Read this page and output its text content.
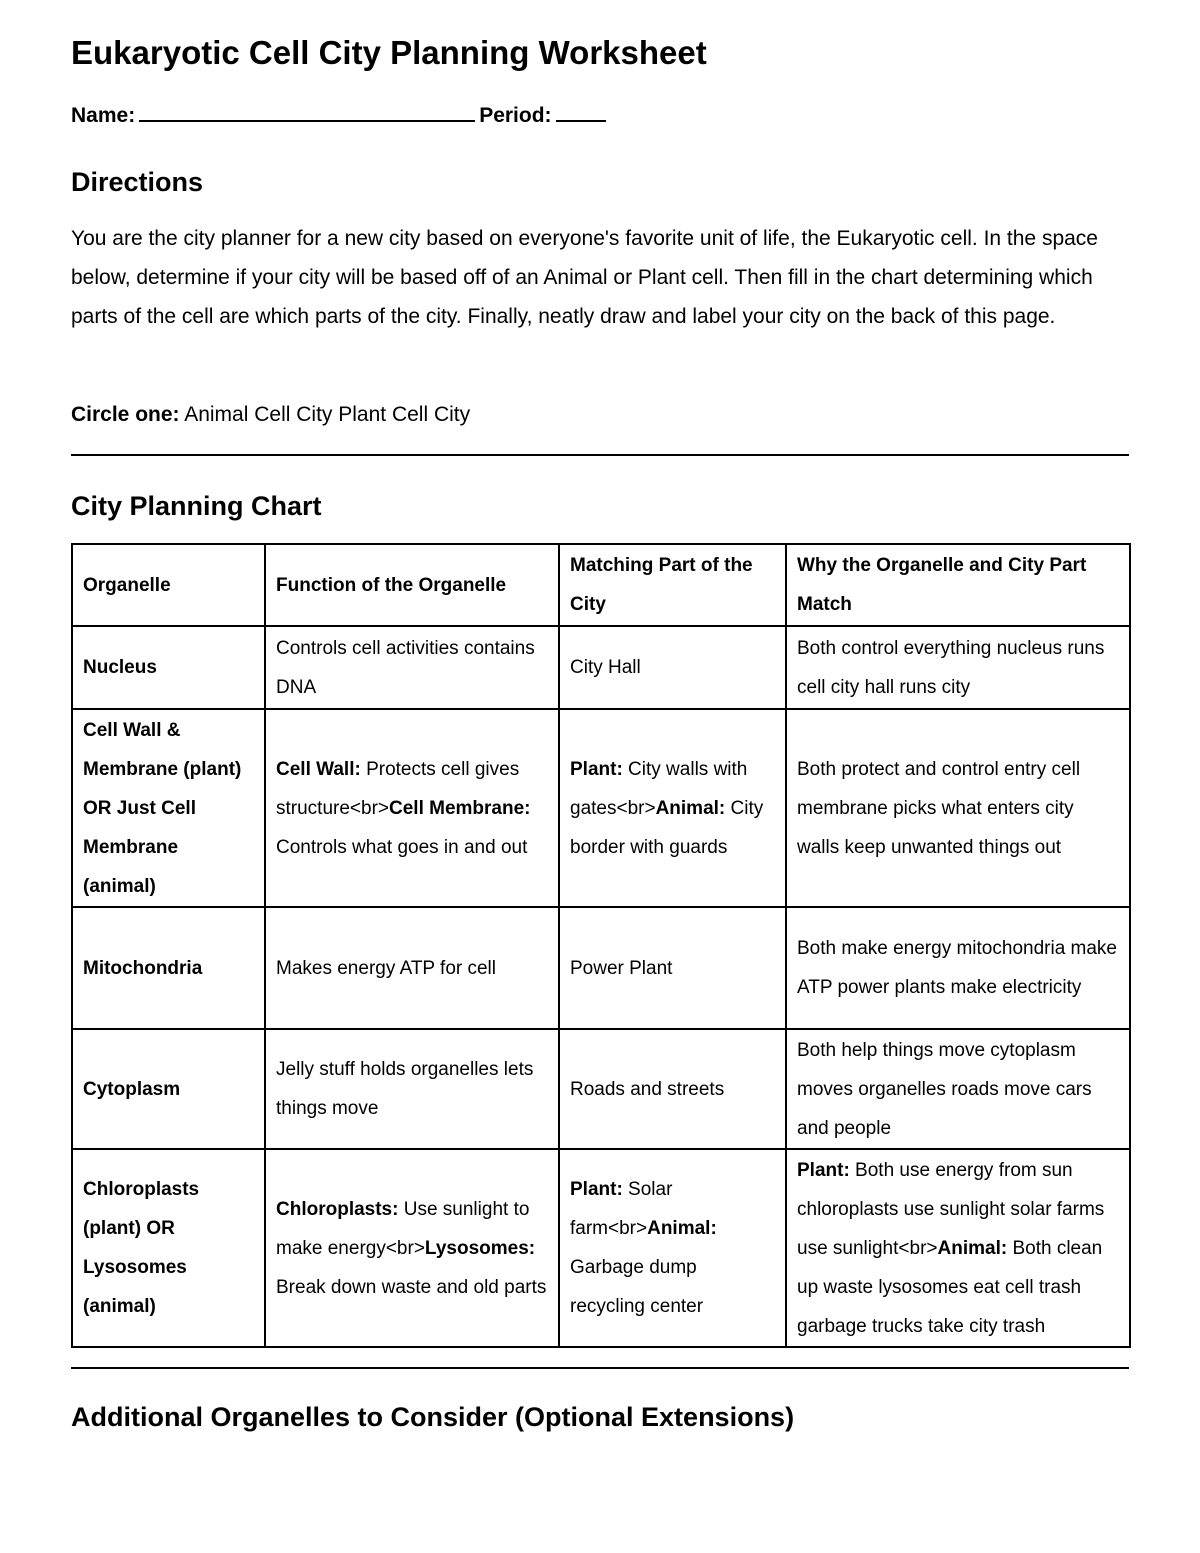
Eukaryotic Cell City Planning Worksheet
Name:	Period:
Directions

You are the city planner for a new city based on everyone's favorite unit of life, the Eukaryotic cell. In the space below, determine if your city will be based off of an Animal or Plant cell. Then fill in the chart determining which parts of the cell are which parts of the city. Finally, neatly draw and label your city on the back of this page.

Circle one: Animal Cell City Plant Cell City

City Planning Chart
Organelle	Function of the Organelle	Matching Part of the City	Why the Organelle and City Part Match
Nucleus	Controls cell activities contains DNA	City Hall	Both control everything nucleus runs cell city hall runs city
Cell Wall & Membrane (plant) OR Just Cell Membrane (animal)	Cell Wall: Protects cell gives structure<br>Cell Membrane: Controls what goes in and out	Plant: City walls with gates<br>Animal: City border with guards	Both protect and control entry cell membrane picks what enters city walls keep unwanted things out
Mitochondria	Makes energy ATP for cell	Power Plant	Both make energy mitochondria make ATP power plants make electricity
Cytoplasm	Jelly stuff holds organelles lets things move	Roads and streets	Both help things move cytoplasm moves organelles roads move cars and people
Chloroplasts (plant) OR Lysosomes (animal)	Chloroplasts: Use sunlight to make energy<br>Lysosomes: Break down waste and old parts	Plant: Solar farm<br>Animal: Garbage dump recycling center	Plant: Both use energy from sun chloroplasts use sunlight solar farms use sunlight<br>Animal: Both clean up waste lysosomes eat cell trash garbage trucks take city trash
Additional Organelles to Consider (Optional Extensions)
